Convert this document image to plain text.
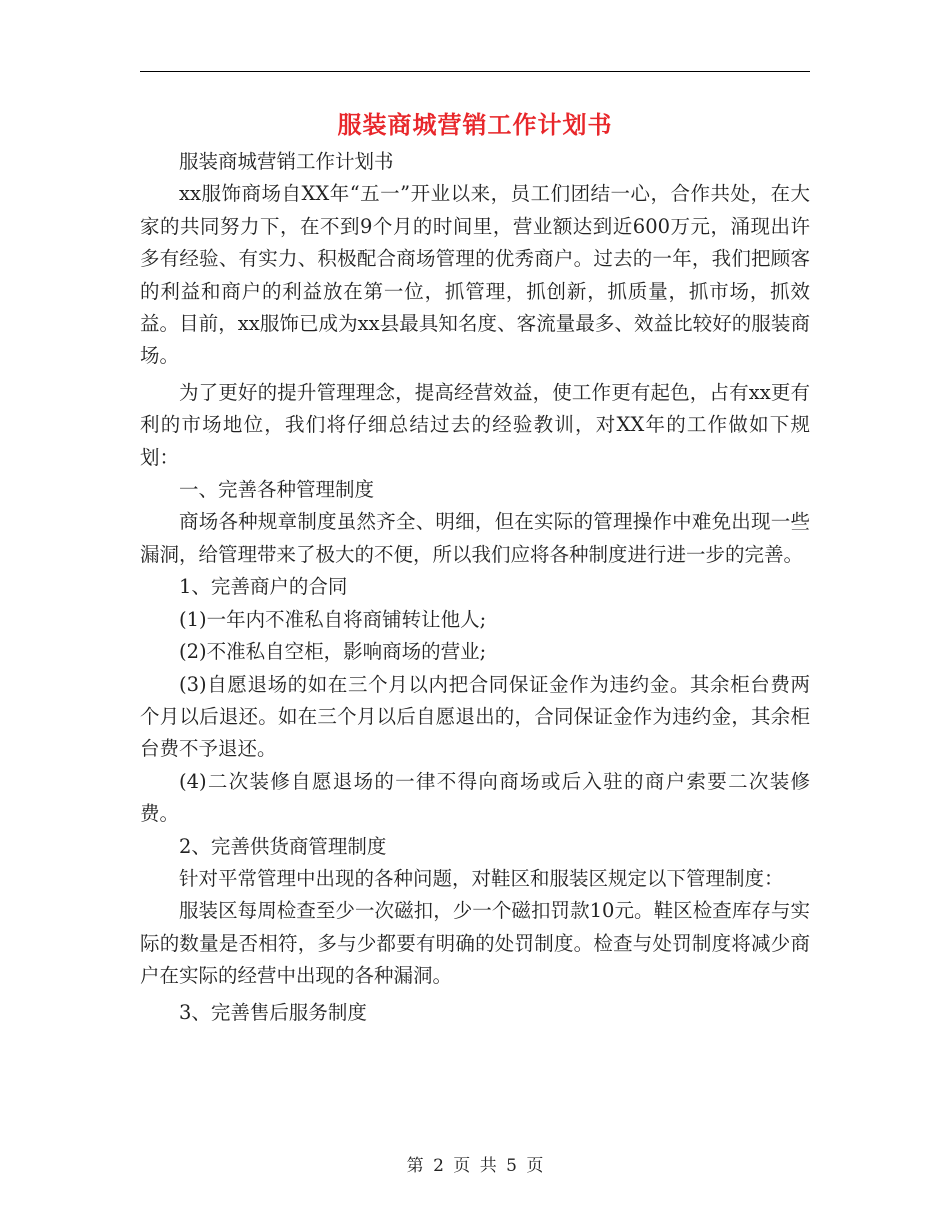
服装商城营销工作计划书

服装商城营销工作计划书

xx服饰商场自XX年“五一”开业以来，员工们团结一心，合作共处，在大家的共同努力下，在不到9个月的时间里，营业额达到近600万元，涌现出许多有经验、有实力、积极配合商场管理的优秀商户。过去的一年，我们把顾客的利益和商户的利益放在第一位，抓管理，抓创新，抓质量，抓市场，抓效益。目前，xx服饰已成为xx县最具知名度、客流量最多、效益比较好的服装商场。

为了更好的提升管理理念，提高经营效益，使工作更有起色，占有xx更有利的市场地位，我们将仔细总结过去的经验教训，对XX年的工作做如下规划：

一、完善各种管理制度

商场各种规章制度虽然齐全、明细，但在实际的管理操作中难免出现一些漏洞，给管理带来了极大的不便，所以我们应将各种制度进行进一步的完善。

1、完善商户的合同

(1)一年内不准私自将商铺转让他人;

(2)不准私自空柜，影响商场的营业;

(3)自愿退场的如在三个月以内把合同保证金作为违约金。其余柜台费两个月以后退还。如在三个月以后自愿退出的，合同保证金作为违约金，其余柜台费不予退还。

(4)二次装修自愿退场的一律不得向商场或后入驻的商户索要二次装修费。

2、完善供货商管理制度

针对平常管理中出现的各种问题，对鞋区和服装区规定以下管理制度：

服装区每周检查至少一次磁扣，少一个磁扣罚款10元。鞋区检查库存与实际的数量是否相符，多与少都要有明确的处罚制度。检查与处罚制度将减少商户在实际的经营中出现的各种漏洞。

3、完善售后服务制度

第 2 页 共 5 页
